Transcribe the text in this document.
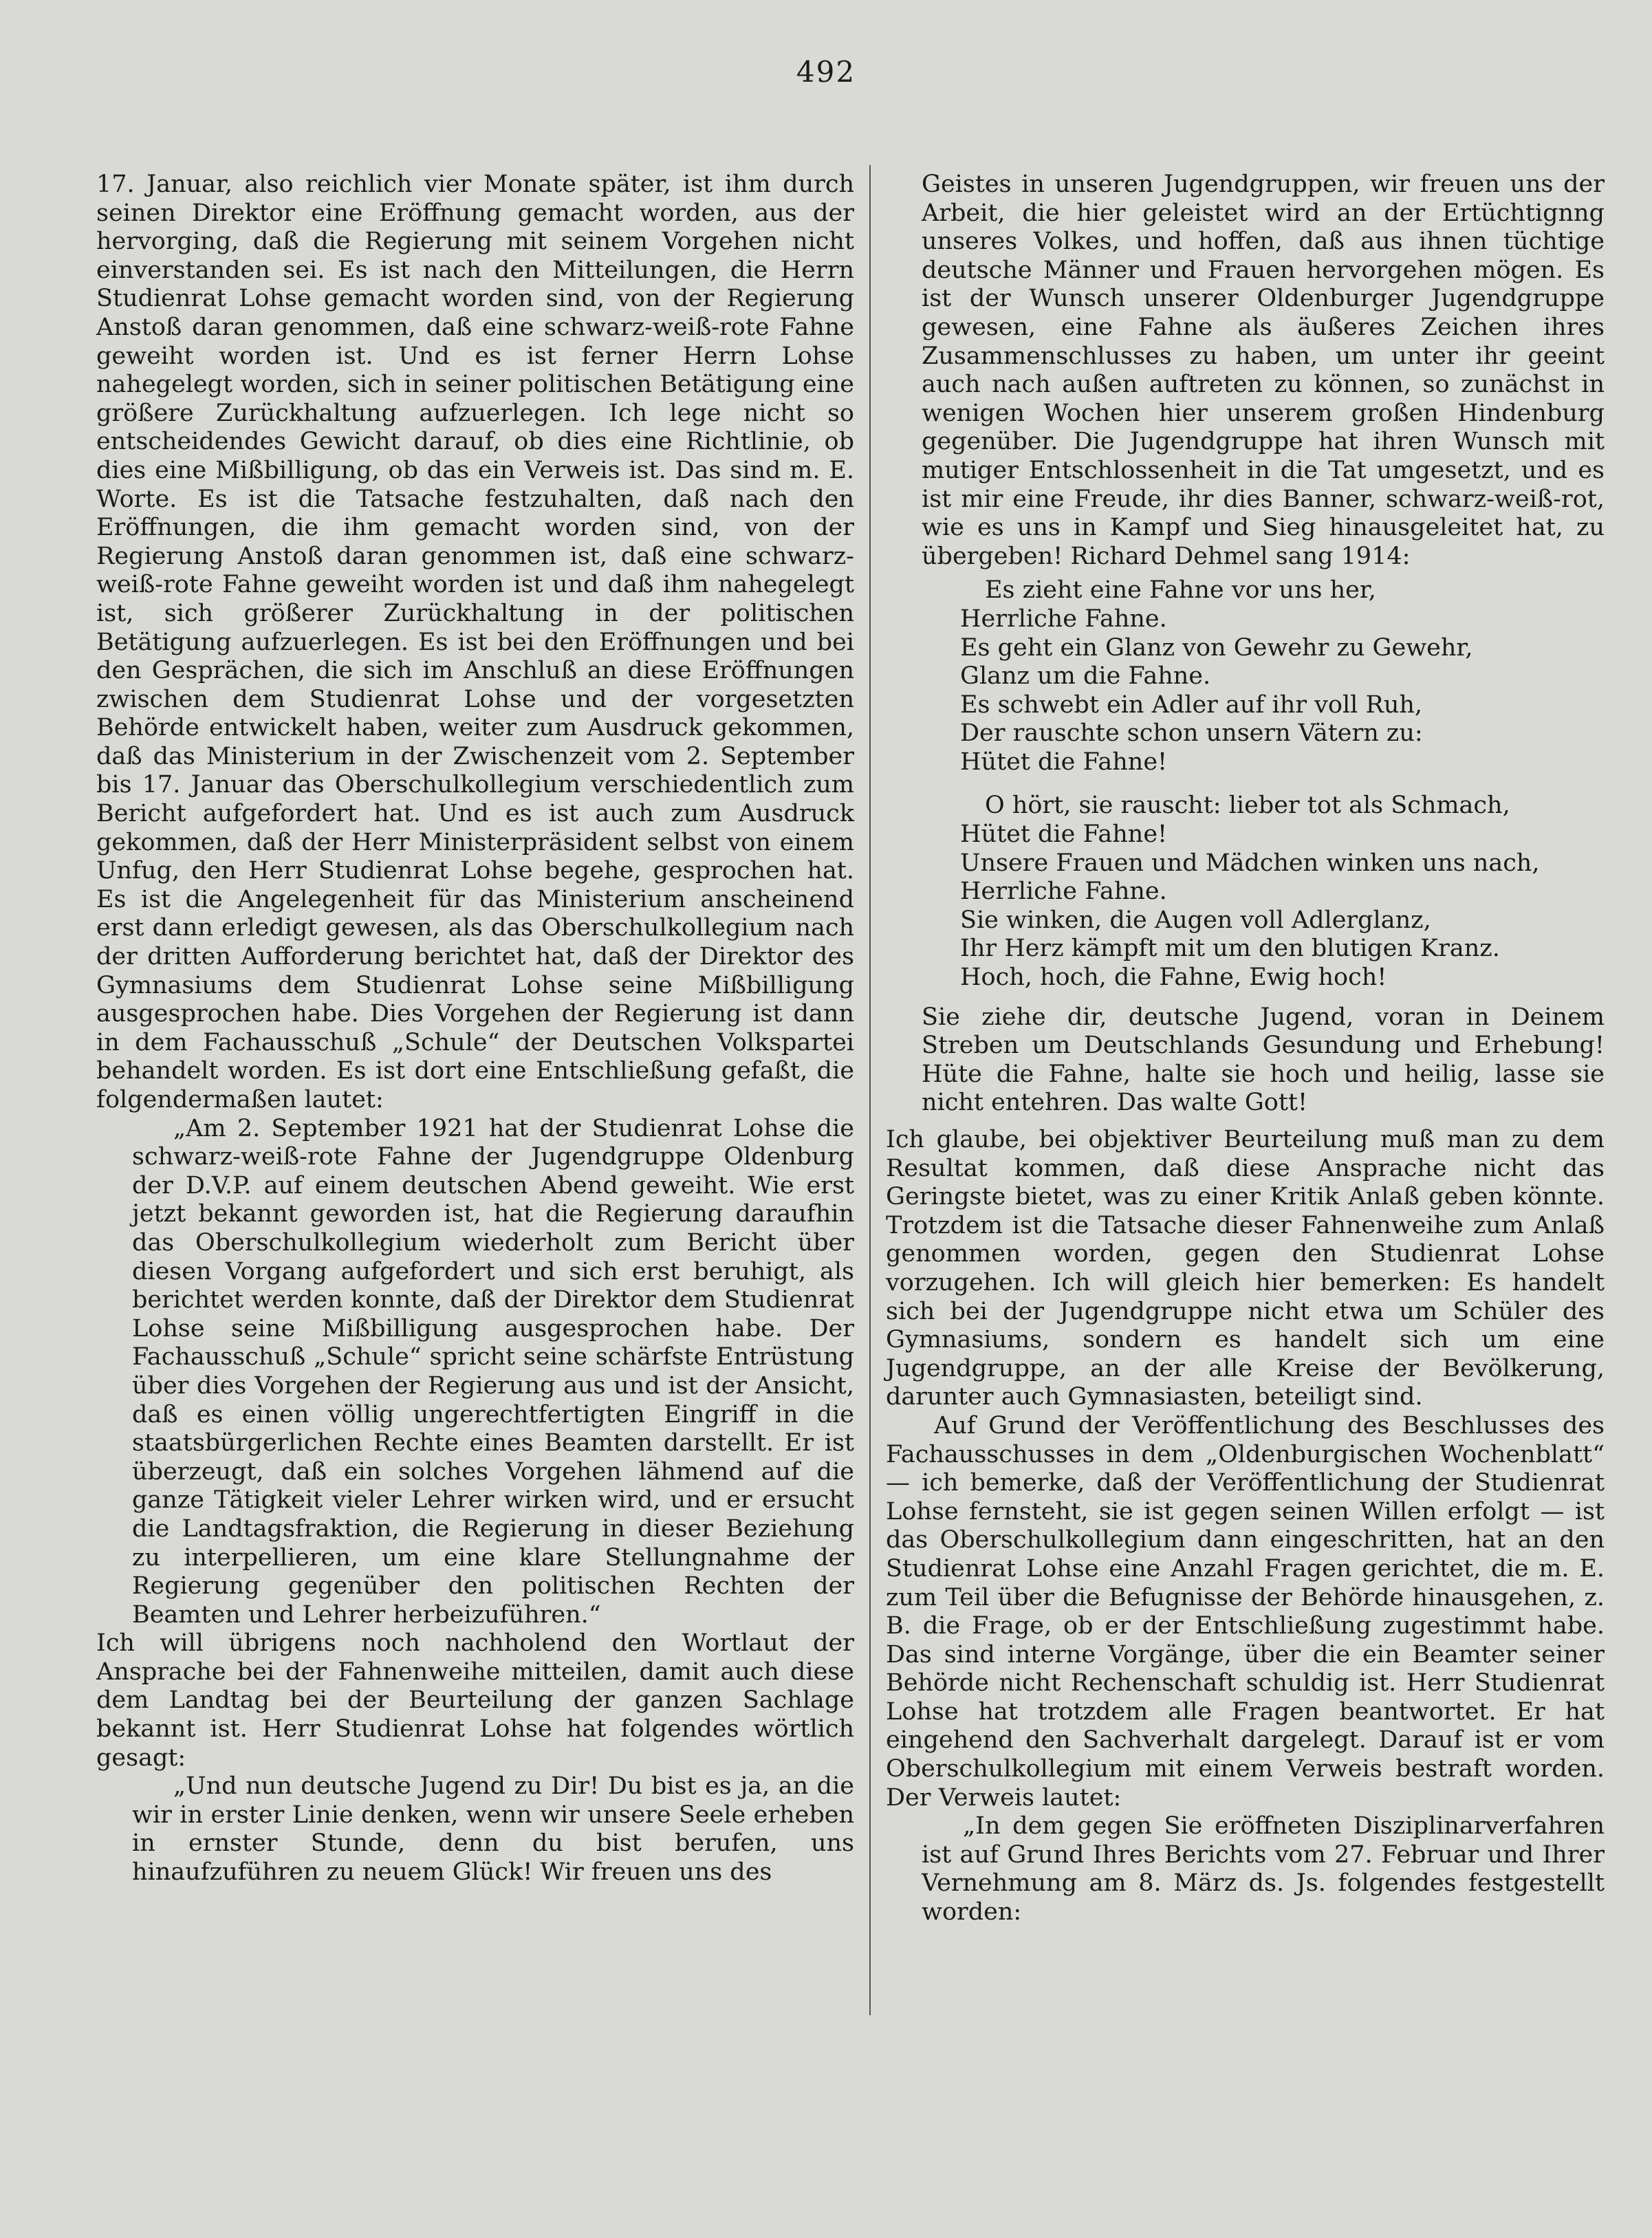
492

17. Januar, also reichlich vier Monate später, ist ihm durch seinen Direktor eine Eröffnung gemacht worden, aus der hervorging, daß die Regierung mit seinem Vorgehen nicht einverstanden sei. Es ist nach den Mitteilungen, die Herrn Studienrat Lohse gemacht worden sind, von der Regierung Anstoß daran genommen, daß eine schwarz-weiß-rote Fahne geweiht worden ist. Und es ist ferner Herrn Lohse nahegelegt worden, sich in seiner politischen Betätigung eine größere Zurückhaltung aufzuerlegen. Ich lege nicht so entscheidendes Gewicht darauf, ob dies eine Richtlinie, ob dies eine Mißbilligung, ob das ein Verweis ist. Das sind m. E. Worte. Es ist die Tatsache festzuhalten, daß nach den Eröffnungen, die ihm gemacht worden sind, von der Regierung Anstoß daran genommen ist, daß eine schwarz-weiß-rote Fahne geweiht worden ist und daß ihm nahegelegt ist, sich größerer Zurückhaltung in der politischen Betätigung aufzuerlegen. Es ist bei den Eröffnungen und bei den Gesprächen, die sich im Anschluß an diese Eröffnungen zwischen dem Studienrat Lohse und der vorgesetzten Behörde entwickelt haben, weiter zum Ausdruck gekommen, daß das Ministerium in der Zwischenzeit vom 2. September bis 17. Januar das Oberschulkollegium verschiedentlich zum Bericht aufgefordert hat. Und es ist auch zum Ausdruck gekommen, daß der Herr Ministerpräsident selbst von einem Unfug, den Herr Studienrat Lohse begehe, gesprochen hat. Es ist die Angelegenheit für das Ministerium anscheinend erst dann erledigt gewesen, als das Oberschulkollegium nach der dritten Aufforderung berichtet hat, daß der Direktor des Gymnasiums dem Studienrat Lohse seine Mißbilligung ausgesprochen habe. Dies Vorgehen der Regierung ist dann in dem Fachausschuß „Schule“ der Deutschen Volkspartei behandelt worden. Es ist dort eine Entschließung gefaßt, die folgendermaßen lautet:

„Am 2. September 1921 hat der Studienrat Lohse die schwarz-weiß-rote Fahne der Jugendgruppe Oldenburg der D.V.P. auf einem deutschen Abend geweiht. Wie erst jetzt bekannt geworden ist, hat die Regierung daraufhin das Oberschulkollegium wiederholt zum Bericht über diesen Vorgang aufgefordert und sich erst beruhigt, als berichtet werden konnte, daß der Direktor dem Studienrat Lohse seine Mißbilligung ausgesprochen habe. Der Fachausschuß „Schule“ spricht seine schärfste Entrüstung über dies Vorgehen der Regierung aus und ist der Ansicht, daß es einen völlig ungerechtfertigten Eingriff in die staatsbürgerlichen Rechte eines Beamten darstellt. Er ist überzeugt, daß ein solches Vorgehen lähmend auf die ganze Tätigkeit vieler Lehrer wirken wird, und er ersucht die Landtagsfraktion, die Regierung in dieser Beziehung zu interpellieren, um eine klare Stellungnahme der Regierung gegenüber den politischen Rechten der Beamten und Lehrer herbeizuführen.“

Ich will übrigens noch nachholend den Wortlaut der Ansprache bei der Fahnenweihe mitteilen, damit auch diese dem Landtag bei der Beurteilung der ganzen Sachlage bekannt ist. Herr Studienrat Lohse hat folgendes wörtlich gesagt:

„Und nun deutsche Jugend zu Dir! Du bist es ja, an die wir in erster Linie denken, wenn wir unsere Seele erheben in ernster Stunde, denn du bist berufen, uns hinaufzuführen zu neuem Glück! Wir freuen uns des

Geistes in unseren Jugendgruppen, wir freuen uns der Arbeit, die hier geleistet wird an der Ertüchtignng unseres Volkes, und hoffen, daß aus ihnen tüchtige deutsche Männer und Frauen hervorgehen mögen. Es ist der Wunsch unserer Oldenburger Jugendgruppe gewesen, eine Fahne als äußeres Zeichen ihres Zusammenschlusses zu haben, um unter ihr geeint auch nach außen auftreten zu können, so zunächst in wenigen Wochen hier unserem großen Hindenburg gegenüber. Die Jugendgruppe hat ihren Wunsch mit mutiger Entschlossenheit in die Tat umgesetzt, und es ist mir eine Freude, ihr dies Banner, schwarz-weiß-rot, wie es uns in Kampf und Sieg hinausgeleitet hat, zu übergeben! Richard Dehmel sang 1914:

Es zieht eine Fahne vor uns her,
Herrliche Fahne.
Es geht ein Glanz von Gewehr zu Gewehr,
Glanz um die Fahne.
Es schwebt ein Adler auf ihr voll Ruh,
Der rauschte schon unsern Vätern zu:
Hütet die Fahne!
O hört, sie rauscht: lieber tot als Schmach,
Hütet die Fahne!
Unsere Frauen und Mädchen winken uns nach,
Herrliche Fahne.
Sie winken, die Augen voll Adlerglanz,
Ihr Herz kämpft mit um den blutigen Kranz.
Hoch, hoch, die Fahne, Ewig hoch!

Sie ziehe dir, deutsche Jugend, voran in Deinem Streben um Deutschlands Gesundung und Erhebung! Hüte die Fahne, halte sie hoch und heilig, lasse sie nicht entehren. Das walte Gott!

Ich glaube, bei objektiver Beurteilung muß man zu dem Resultat kommen, daß diese Ansprache nicht das Geringste bietet, was zu einer Kritik Anlaß geben könnte. Trotzdem ist die Tatsache dieser Fahnenweihe zum Anlaß genommen worden, gegen den Studienrat Lohse vorzugehen. Ich will gleich hier bemerken: Es handelt sich bei der Jugendgruppe nicht etwa um Schüler des Gymnasiums, sondern es handelt sich um eine Jugendgruppe, an der alle Kreise der Bevölkerung, darunter auch Gymnasiasten, beteiligt sind.

Auf Grund der Veröffentlichung des Beschlusses des Fachausschusses in dem „Oldenburgischen Wochenblatt“ — ich bemerke, daß der Veröffentlichung der Studienrat Lohse fernsteht, sie ist gegen seinen Willen erfolgt — ist das Oberschulkollegium dann eingeschritten, hat an den Studienrat Lohse eine Anzahl Fragen gerichtet, die m. E. zum Teil über die Befugnisse der Behörde hinausgehen, z. B. die Frage, ob er der Entschließung zugestimmt habe. Das sind interne Vorgänge, über die ein Beamter seiner Behörde nicht Rechenschaft schuldig ist. Herr Studienrat Lohse hat trotzdem alle Fragen beantwortet. Er hat eingehend den Sachverhalt dargelegt. Darauf ist er vom Oberschulkollegium mit einem Verweis bestraft worden. Der Verweis lautet:

„In dem gegen Sie eröffneten Disziplinarverfahren ist auf Grund Ihres Berichts vom 27. Februar und Ihrer Vernehmung am 8. März ds. Js. folgendes festgestellt worden:
